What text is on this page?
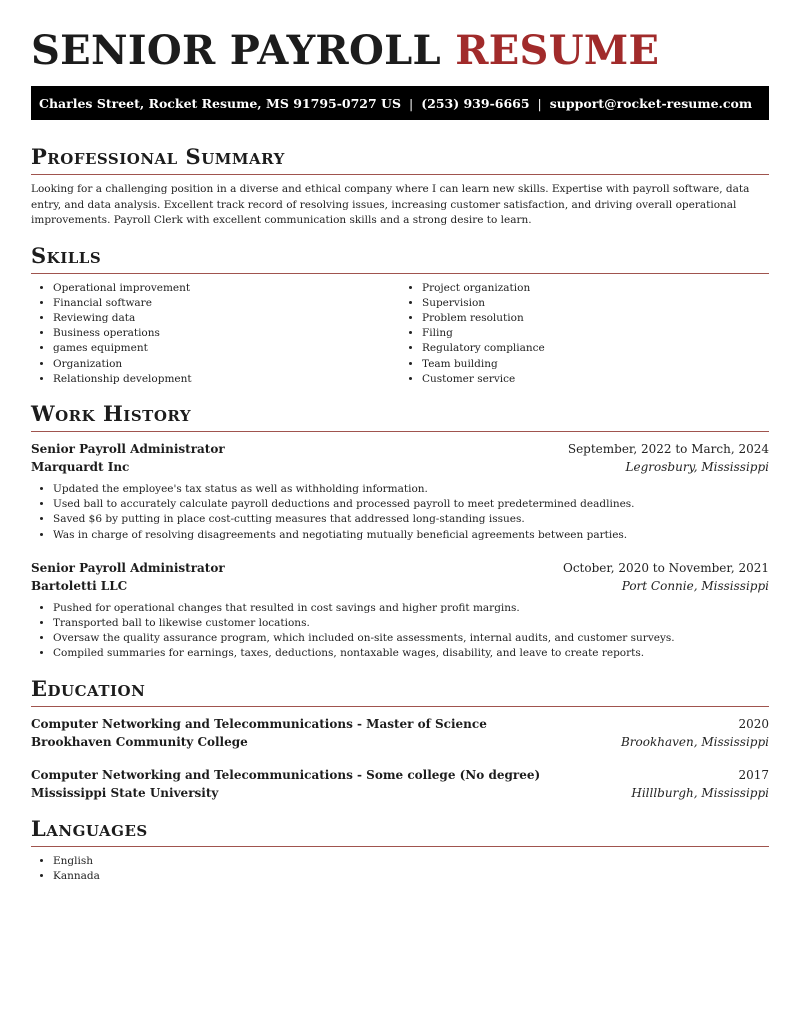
SENIOR PAYROLL RESUME
Charles Street, Rocket Resume, MS 91795-0727 US | (253) 939-6665 | support@rocket-resume.com
Professional Summary

Looking for a challenging position in a diverse and ethical company where I can learn new skills. Expertise with payroll software, data entry, and data analysis. Excellent track record of resolving issues, increasing customer satisfaction, and driving overall operational improvements. Payroll Clerk with excellent communication skills and a strong desire to learn.

Skills
• Operational improvement
• Financial software
• Reviewing data
• Business operations
• games equipment
• Organization
• Relationship development
• Project organization
• Supervision
• Problem resolution
• Filing
• Regulatory compliance
• Team building
• Customer service
Work History
Senior Payroll Administrator	September, 2022 to March, 2024
Marquardt Inc	Legrosbury, Mississippi
• Updated the employee's tax status as well as withholding information.
• Used ball to accurately calculate payroll deductions and processed payroll to meet predetermined deadlines.
• Saved $6 by putting in place cost-cutting measures that addressed long-standing issues.
• Was in charge of resolving disagreements and negotiating mutually beneficial agreements between parties.
Senior Payroll Administrator	October, 2020 to November, 2021
Bartoletti LLC	Port Connie, Mississippi
• Pushed for operational changes that resulted in cost savings and higher profit margins.
• Transported ball to likewise customer locations.
• Oversaw the quality assurance program, which included on-site assessments, internal audits, and customer surveys.
• Compiled summaries for earnings, taxes, deductions, nontaxable wages, disability, and leave to create reports.
Education
Computer Networking and Telecommunications - Master of Science	2020
Brookhaven Community College	Brookhaven, Mississippi
Computer Networking and Telecommunications - Some college (No degree)	2017
Mississippi State University	Hilllburgh, Mississippi
Languages
• English
• Kannada
